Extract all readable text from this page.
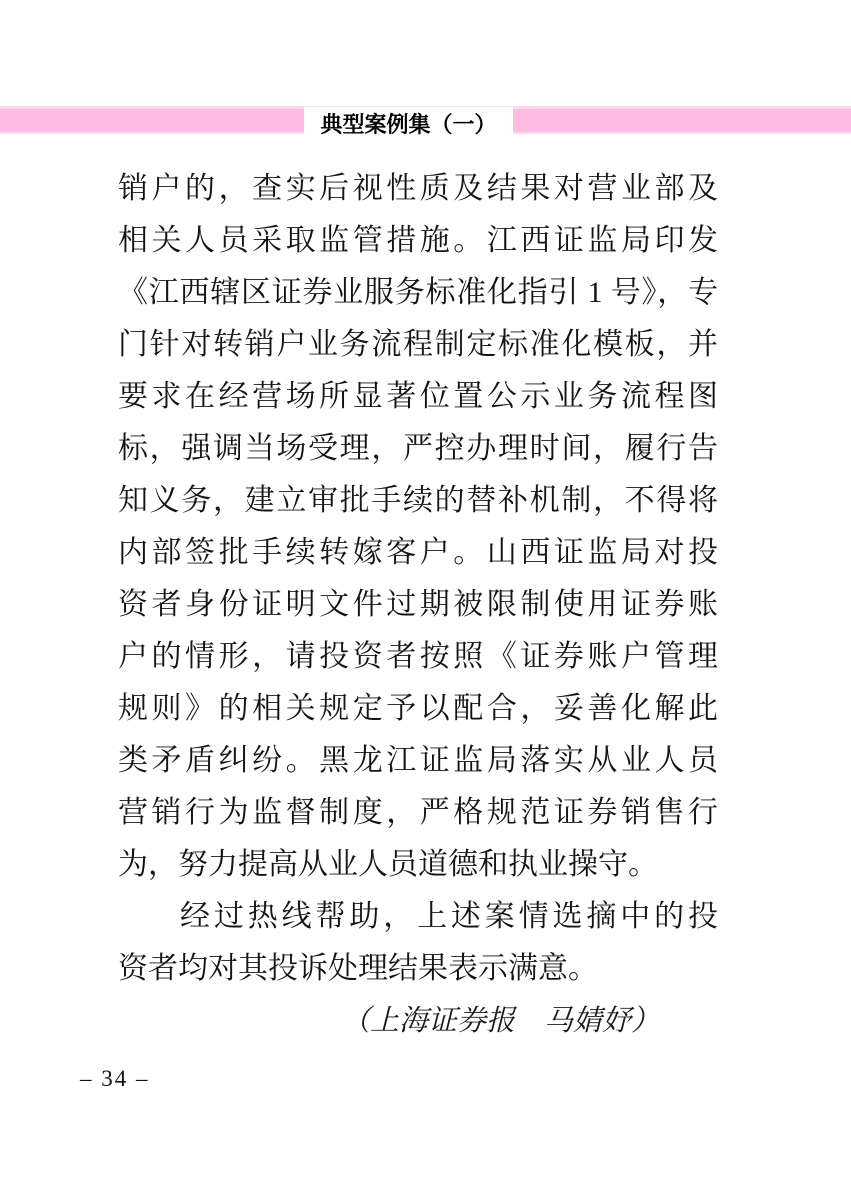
典型案例集（一）
销户的，查实后视性质及结果对营业部及
相关人员采取监管措施。江西证监局印发
《江西辖区证券业服务标准化指引 1 号》，专
门针对转销户业务流程制定标准化模板，并
要求在经营场所显著位置公示业务流程图
标，强调当场受理，严控办理时间，履行告
知义务，建立审批手续的替补机制，不得将
内部签批手续转嫁客户。山西证监局对投
资者身份证明文件过期被限制使用证券账
户的情形，请投资者按照《证券账户管理
规则》的相关规定予以配合，妥善化解此
类矛盾纠纷。黑龙江证监局落实从业人员
营销行为监督制度，严格规范证券销售行
为，努力提高从业人员道德和执业操守。
经过热线帮助，上述案情选摘中的投
资者均对其投诉处理结果表示满意。
（上海证券报　马婧妤）
– 34 –
